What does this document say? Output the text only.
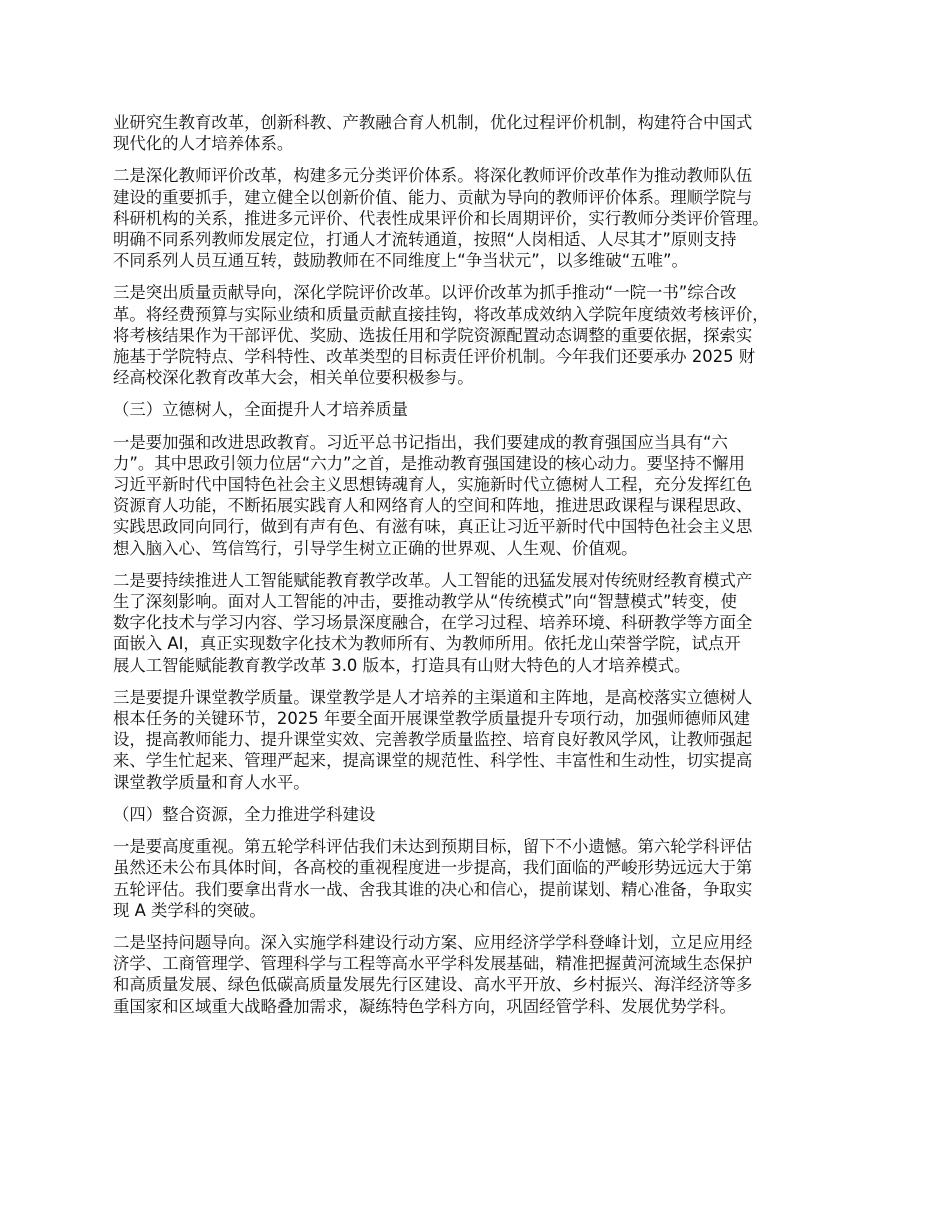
业研究生教育改革，创新科教、产教融合育人机制，优化过程评价机制，构建符合中国式
现代化的人才培养体系。
二是深化教师评价改革，构建多元分类评价体系。将深化教师评价改革作为推动教师队伍
建设的重要抓手，建立健全以创新价值、能力、贡献为导向的教师评价体系。理顺学院与
科研机构的关系，推进多元评价、代表性成果评价和长周期评价，实行教师分类评价管理。
明确不同系列教师发展定位，打通人才流转通道，按照“人岗相适、人尽其才”原则支持
不同系列人员互通互转，鼓励教师在不同维度上“争当状元”，以多维破“五唯”。
三是突出质量贡献导向，深化学院评价改革。以评价改革为抓手推动“一院一书”综合改
革。将经费预算与实际业绩和质量贡献直接挂钩，将改革成效纳入学院年度绩效考核评价，
将考核结果作为干部评优、奖励、选拔任用和学院资源配置动态调整的重要依据，探索实
施基于学院特点、学科特性、改革类型的目标责任评价机制。今年我们还要承办 2025 财
经高校深化教育改革大会，相关单位要积极参与。
（三）立德树人，全面提升人才培养质量
一是要加强和改进思政教育。习近平总书记指出，我们要建成的教育强国应当具有“六
力”。其中思政引领力位居“六力”之首，是推动教育强国建设的核心动力。要坚持不懈用
习近平新时代中国特色社会主义思想铸魂育人，实施新时代立德树人工程，充分发挥红色
资源育人功能，不断拓展实践育人和网络育人的空间和阵地，推进思政课程与课程思政、
实践思政同向同行，做到有声有色、有滋有味，真正让习近平新时代中国特色社会主义思
想入脑入心、笃信笃行，引导学生树立正确的世界观、人生观、价值观。
二是要持续推进人工智能赋能教育教学改革。人工智能的迅猛发展对传统财经教育模式产
生了深刻影响。面对人工智能的冲击，要推动教学从“传统模式”向“智慧模式”转变，使
数字化技术与学习内容、学习场景深度融合，在学习过程、培养环境、科研教学等方面全
面嵌入 AI，真正实现数字化技术为教师所有、为教师所用。依托龙山荣誉学院，试点开
展人工智能赋能教育教学改革 3.0 版本，打造具有山财大特色的人才培养模式。
三是要提升课堂教学质量。课堂教学是人才培养的主渠道和主阵地，是高校落实立德树人
根本任务的关键环节，2025 年要全面开展课堂教学质量提升专项行动，加强师德师风建
设，提高教师能力、提升课堂实效、完善教学质量监控、培育良好教风学风，让教师强起
来、学生忙起来、管理严起来，提高课堂的规范性、科学性、丰富性和生动性，切实提高
课堂教学质量和育人水平。
（四）整合资源，全力推进学科建设
一是要高度重视。第五轮学科评估我们未达到预期目标，留下不小遗憾。第六轮学科评估
虽然还未公布具体时间，各高校的重视程度进一步提高，我们面临的严峻形势远远大于第
五轮评估。我们要拿出背水一战、舍我其谁的决心和信心，提前谋划、精心准备，争取实
现 A 类学科的突破。
二是坚持问题导向。深入实施学科建设行动方案、应用经济学学科登峰计划，立足应用经
济学、工商管理学、管理科学与工程等高水平学科发展基础，精准把握黄河流域生态保护
和高质量发展、绿色低碳高质量发展先行区建设、高水平开放、乡村振兴、海洋经济等多
重国家和区域重大战略叠加需求，凝练特色学科方向，巩固经管学科、发展优势学科。
